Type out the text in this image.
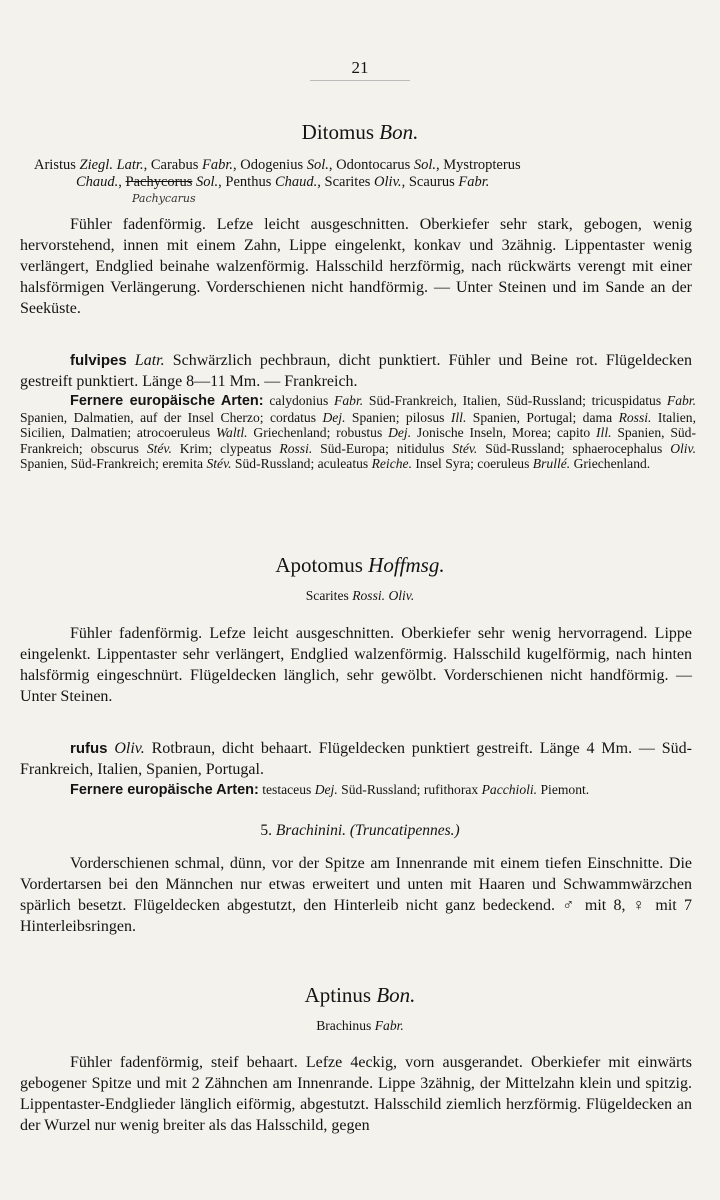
21
Ditomus Bon.
Aristus Ziegl. Latr., Carabus Fabr., Odogenius Sol., Odontocarus Sol., Mystropterus
Chaud., Pachycorus Sol., Penthus Chaud., Scarites Oliv., Scaurus Fabr.
Pachycarus
Fühler fadenförmig. Lefze leicht ausgeschnitten. Oberkiefer sehr stark, gebogen, wenig hervorstehend, innen mit einem Zahn, Lippe eingelenkt, konkav und 3zähnig. Lippentaster wenig verlängert, Endglied beinahe walzenförmig. Halsschild herzförmig, nach rückwärts verengt mit einer halsförmigen Verlängerung. Vorderschienen nicht handförmig. — Unter Steinen und im Sande an der Seeküste.
fulvipes Latr. Schwärzlich pechbraun, dicht punktiert. Fühler und Beine rot. Flügeldecken gestreift punktiert. Länge 8—11 Mm. — Frankreich.
Fernere europäische Arten: calydonius Fabr. Süd-Frankreich, Italien, Süd-Russland; tricuspidatus Fabr. Spanien, Dalmatien, auf der Insel Cherzo; cordatus Dej. Spanien; pilosus Ill. Spanien, Portugal; dama Rossi. Italien, Sicilien, Dalmatien; atrocoeruleus Waltl. Griechenland; robustus Dej. Jonische Inseln, Morea; capito Ill. Spanien, Süd-Frankreich; obscurus Stév. Krim; clypeatus Rossi. Süd-Europa; nitidulus Stév. Süd-Russland; sphaerocephalus Oliv. Spanien, Süd-Frankreich; eremita Stév. Süd-Russland; aculeatus Reiche. Insel Syra; coeruleus Brullé. Griechenland.
Apotomus Hoffmsg.
Scarites Rossi. Oliv.
Fühler fadenförmig. Lefze leicht ausgeschnitten. Oberkiefer sehr wenig hervorragend. Lippe eingelenkt. Lippentaster sehr verlängert, Endglied walzenförmig. Halsschild kugelförmig, nach hinten halsförmig eingeschnürt. Flügeldecken länglich, sehr gewölbt. Vorderschienen nicht handförmig. — Unter Steinen.
rufus Oliv. Rotbraun, dicht behaart. Flügeldecken punktiert gestreift. Länge 4 Mm. — Süd-Frankreich, Italien, Spanien, Portugal.
Fernere europäische Arten: testaceus Dej. Süd-Russland; rufithorax Pacchioli. Piemont.
5. Brachinini. (Truncatipennes.)
Vorderschienen schmal, dünn, vor der Spitze am Innenrande mit einem tiefen Einschnitte. Die Vordertarsen bei den Männchen nur etwas erweitert und unten mit Haaren und Schwammwärzchen spärlich besetzt. Flügeldecken abgestutzt, den Hinterleib nicht ganz bedeckend. ♂ mit 8, ♀ mit 7 Hinterleibsringen.
Aptinus Bon.
Brachinus Fabr.
Fühler fadenförmig, steif behaart. Lefze 4eckig, vorn ausgerandet. Oberkiefer mit einwärts gebogener Spitze und mit 2 Zähnchen am Innenrande. Lippe 3zähnig, der Mittelzahn klein und spitzig. Lippentaster-Endglieder länglich eiförmig, abgestutzt. Halsschild ziemlich herzförmig. Flügeldecken an der Wurzel nur wenig breiter als das Halsschild, gegen
